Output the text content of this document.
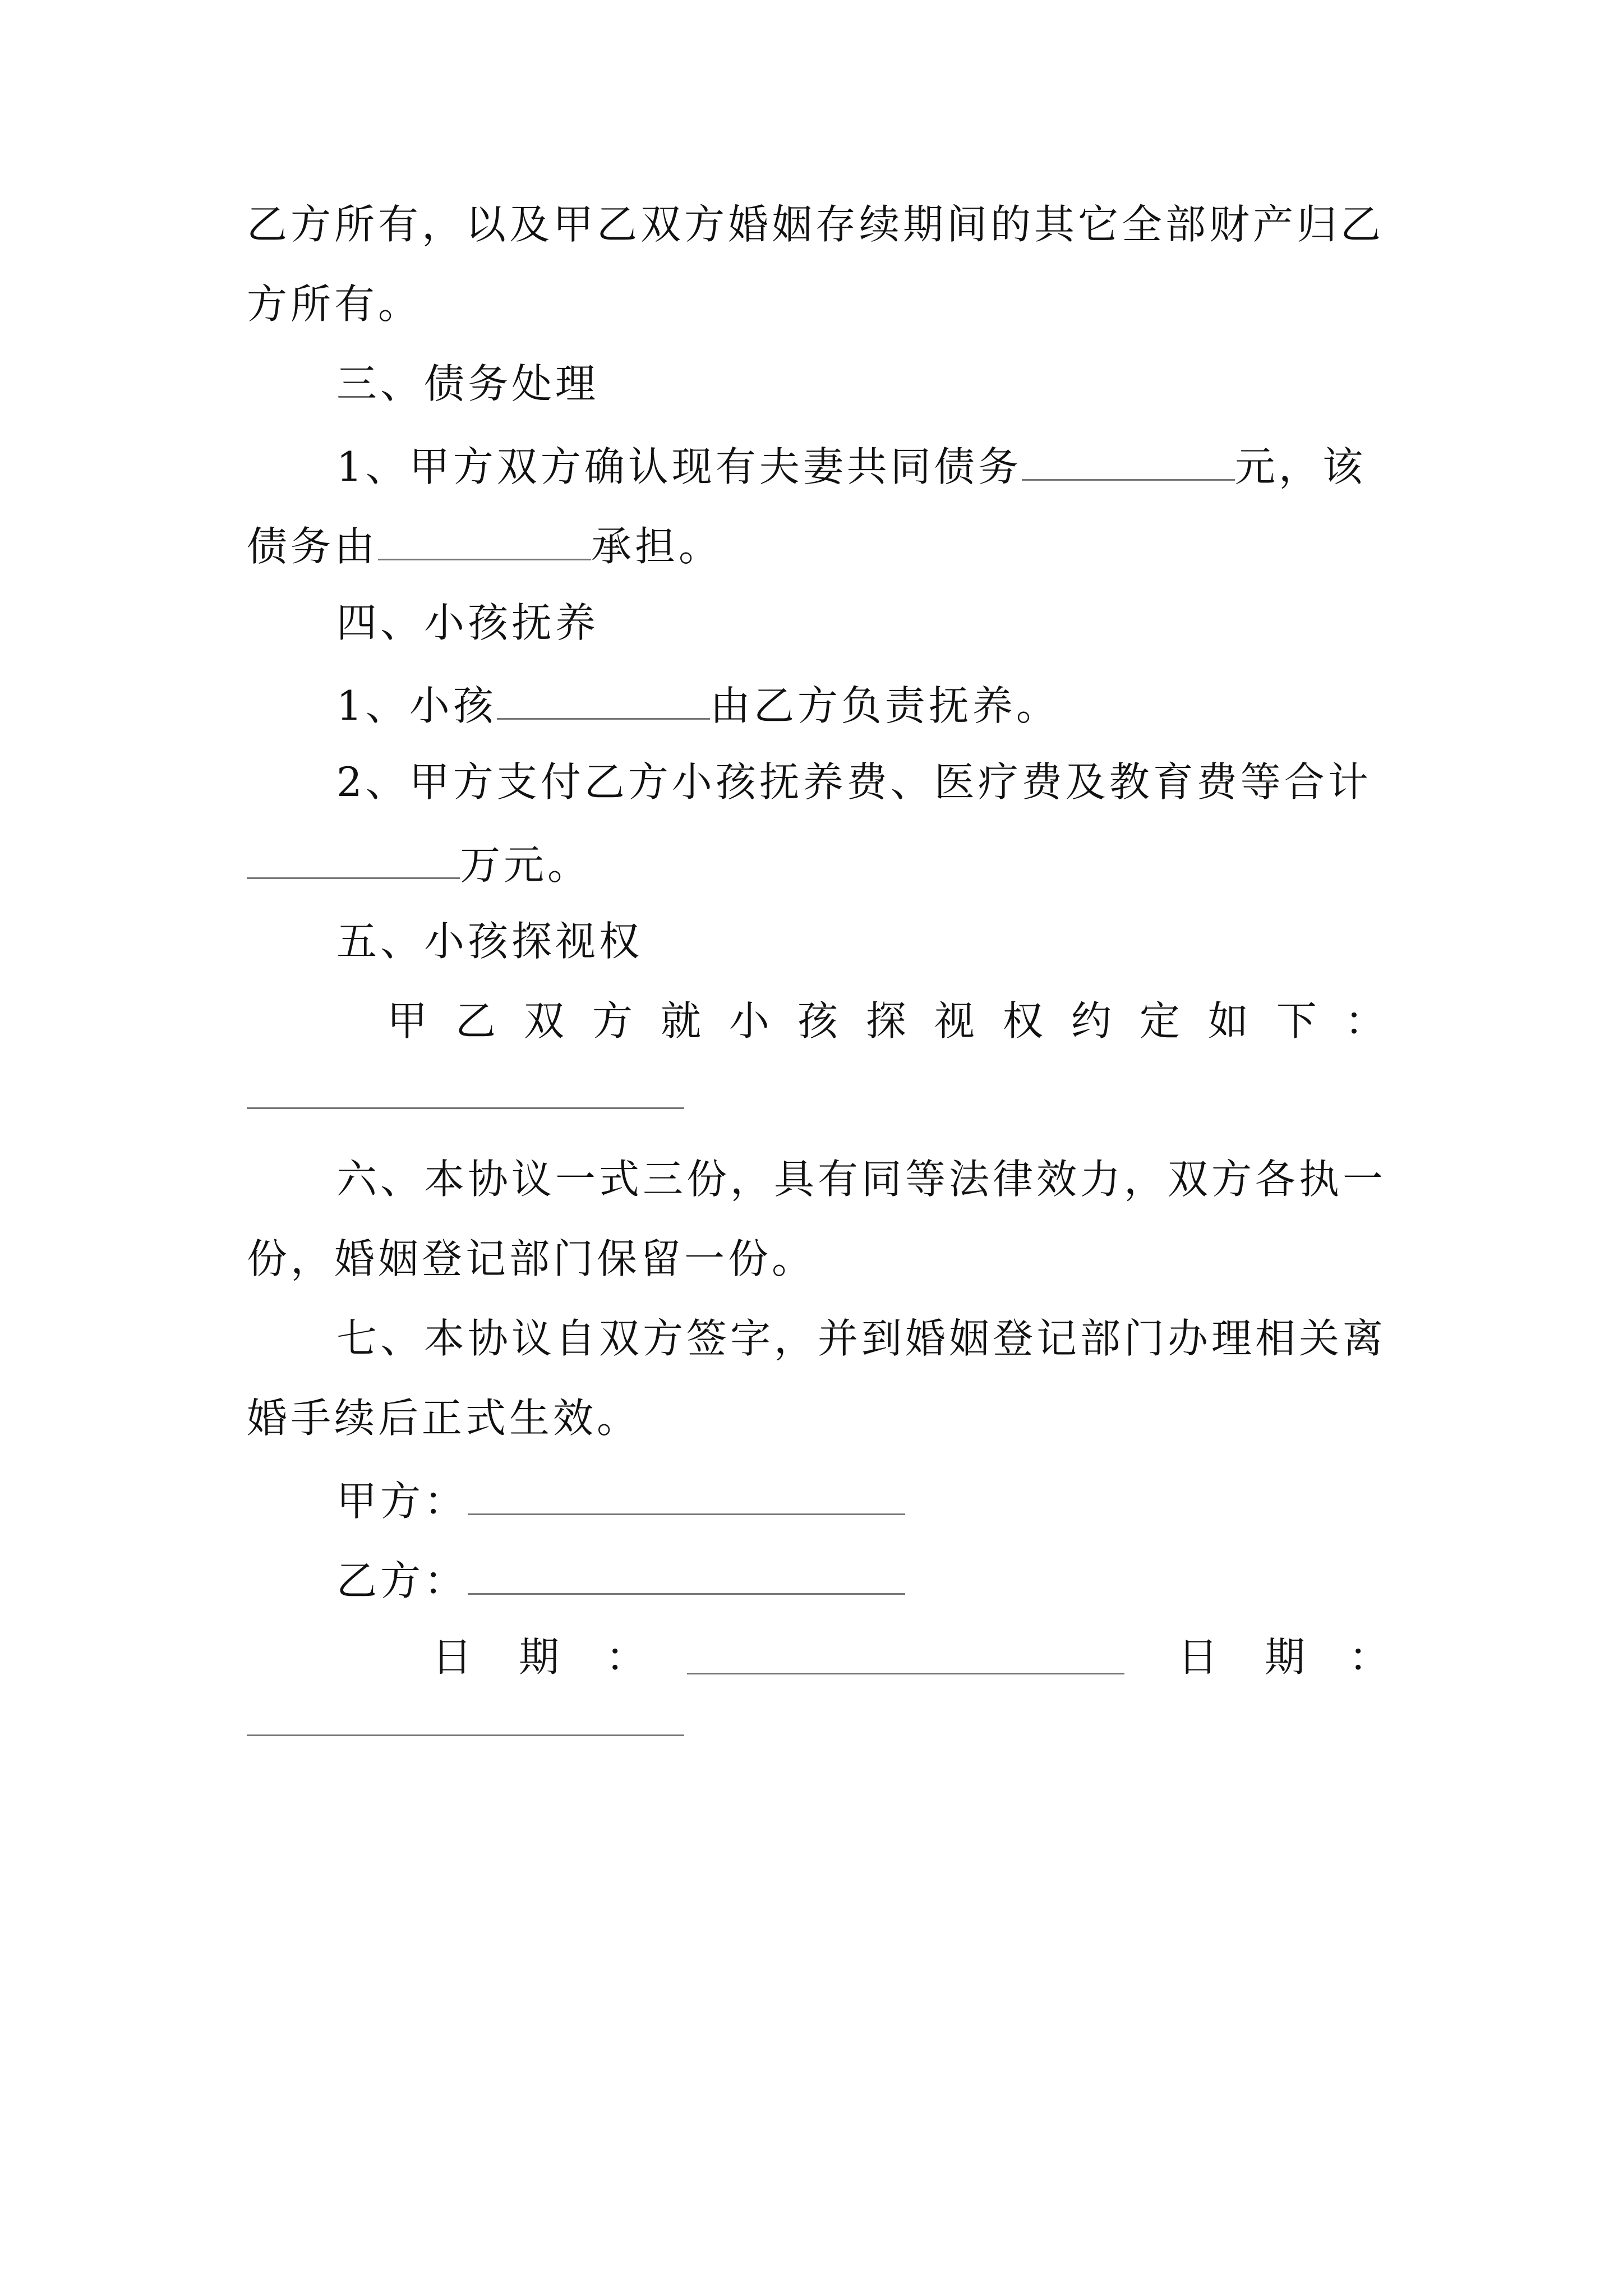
乙方所有，以及甲乙双方婚姻存续期间的其它全部财产归乙
方所有。
三、债务处理
1、甲方双方确认现有夫妻共同债务	元，该
债务由	承担。
四、小孩抚养
1、小孩	由乙方负责抚养。
2、甲方支付乙方小孩抚养费、医疗费及教育费等合计
万元。
五、小孩探视权
甲 乙 双 方 就 小 孩 探 视 权 约 定 如 下 ：
六、本协议一式三份，具有同等法律效力，双方各执一
份，婚姻登记部门保留一份。
七、本协议自双方签字，并到婚姻登记部门办理相关离
婚手续后正式生效。
甲方：
乙方：
日 期 ：	日 期 ：
